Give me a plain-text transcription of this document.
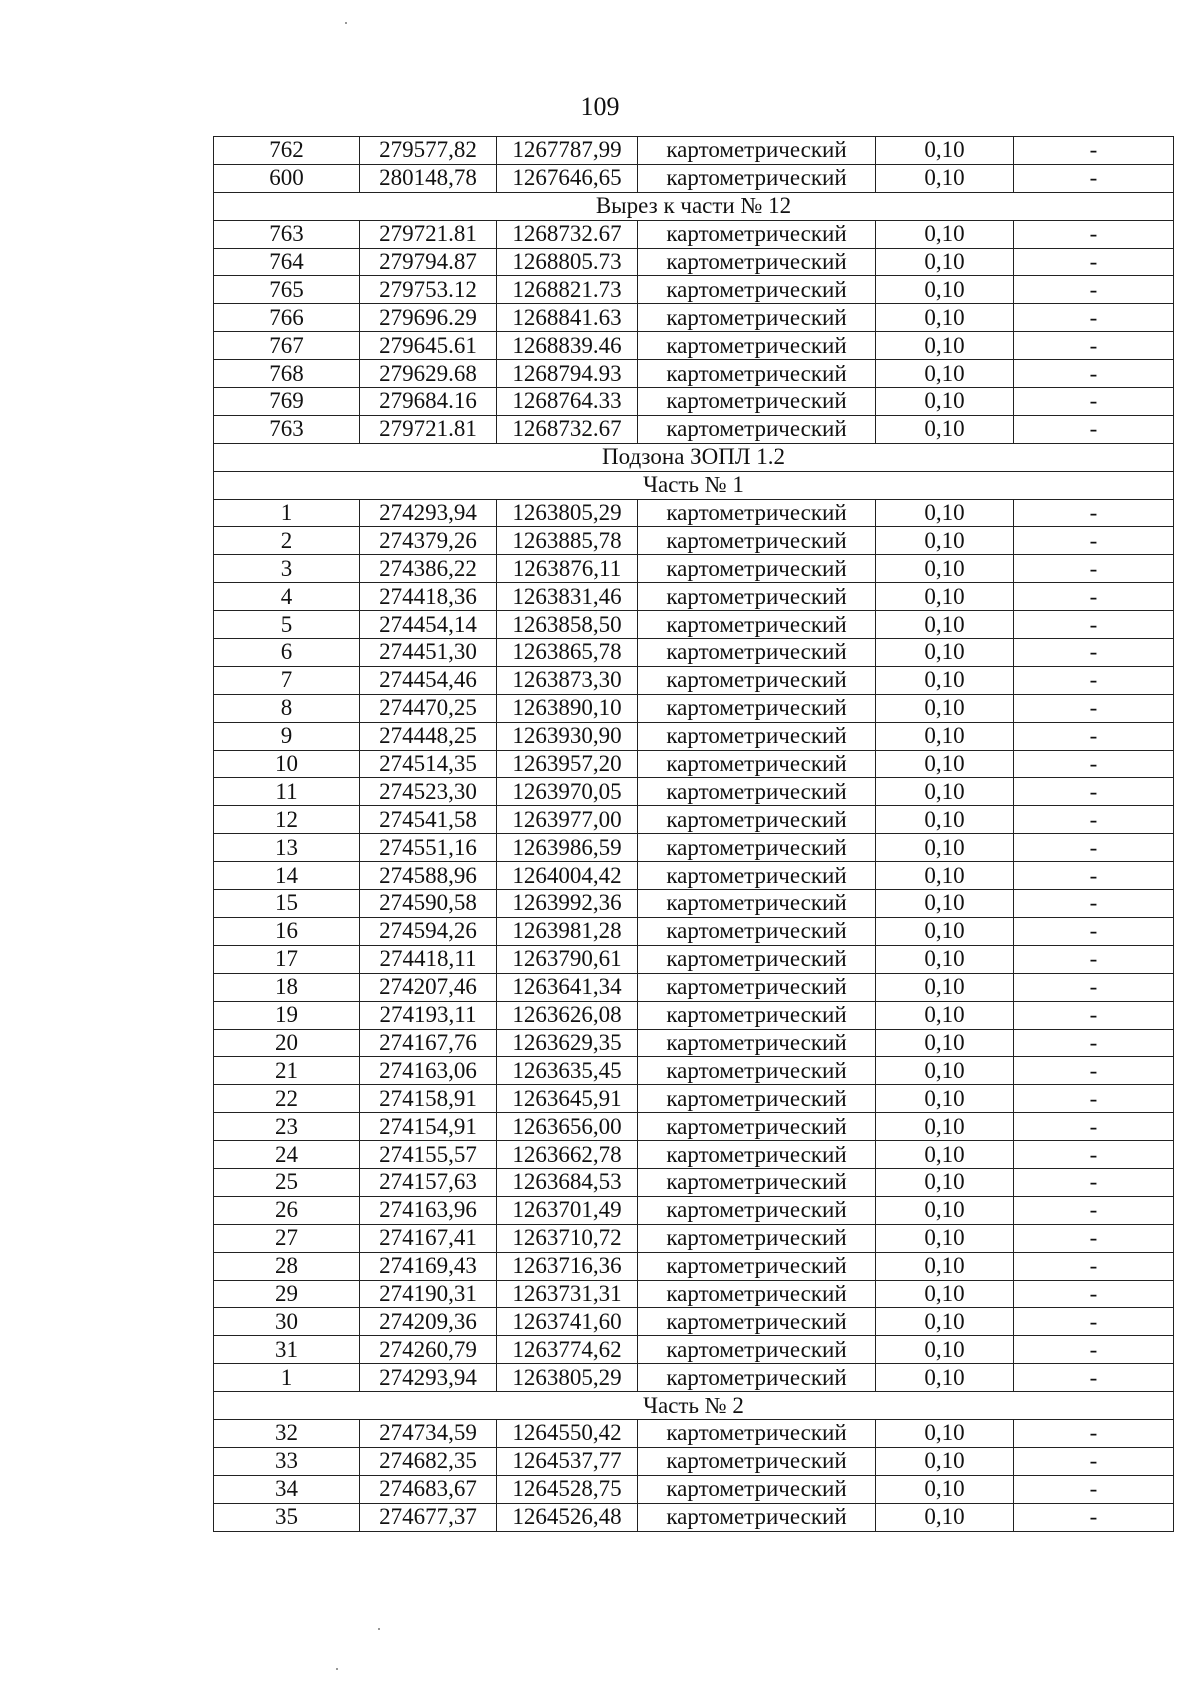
109
762	279577,82	1267787,99	картометрический	0,10	-
600	280148,78	1267646,65	картометрический	0,10	-
Вырез к части № 12					
763	279721.81	1268732.67	картометрический	0,10	-
764	279794.87	1268805.73	картометрический	0,10	-
765	279753.12	1268821.73	картометрический	0,10	-
766	279696.29	1268841.63	картометрический	0,10	-
767	279645.61	1268839.46	картометрический	0,10	-
768	279629.68	1268794.93	картометрический	0,10	-
769	279684.16	1268764.33	картометрический	0,10	-
763	279721.81	1268732.67	картометрический	0,10	-
Подзона ЗОПЛ 1.2					
Часть № 1					
1	274293,94	1263805,29	картометрический	0,10	-
2	274379,26	1263885,78	картометрический	0,10	-
3	274386,22	1263876,11	картометрический	0,10	-
4	274418,36	1263831,46	картометрический	0,10	-
5	274454,14	1263858,50	картометрический	0,10	-
6	274451,30	1263865,78	картометрический	0,10	-
7	274454,46	1263873,30	картометрический	0,10	-
8	274470,25	1263890,10	картометрический	0,10	-
9	274448,25	1263930,90	картометрический	0,10	-
10	274514,35	1263957,20	картометрический	0,10	-
11	274523,30	1263970,05	картометрический	0,10	-
12	274541,58	1263977,00	картометрический	0,10	-
13	274551,16	1263986,59	картометрический	0,10	-
14	274588,96	1264004,42	картометрический	0,10	-
15	274590,58	1263992,36	картометрический	0,10	-
16	274594,26	1263981,28	картометрический	0,10	-
17	274418,11	1263790,61	картометрический	0,10	-
18	274207,46	1263641,34	картометрический	0,10	-
19	274193,11	1263626,08	картометрический	0,10	-
20	274167,76	1263629,35	картометрический	0,10	-
21	274163,06	1263635,45	картометрический	0,10	-
22	274158,91	1263645,91	картометрический	0,10	-
23	274154,91	1263656,00	картометрический	0,10	-
24	274155,57	1263662,78	картометрический	0,10	-
25	274157,63	1263684,53	картометрический	0,10	-
26	274163,96	1263701,49	картометрический	0,10	-
27	274167,41	1263710,72	картометрический	0,10	-
28	274169,43	1263716,36	картометрический	0,10	-
29	274190,31	1263731,31	картометрический	0,10	-
30	274209,36	1263741,60	картометрический	0,10	-
31	274260,79	1263774,62	картометрический	0,10	-
1	274293,94	1263805,29	картометрический	0,10	-
Часть № 2					
32	274734,59	1264550,42	картометрический	0,10	-
33	274682,35	1264537,77	картометрический	0,10	-
34	274683,67	1264528,75	картометрический	0,10	-
35	274677,37	1264526,48	картометрический	0,10	-
